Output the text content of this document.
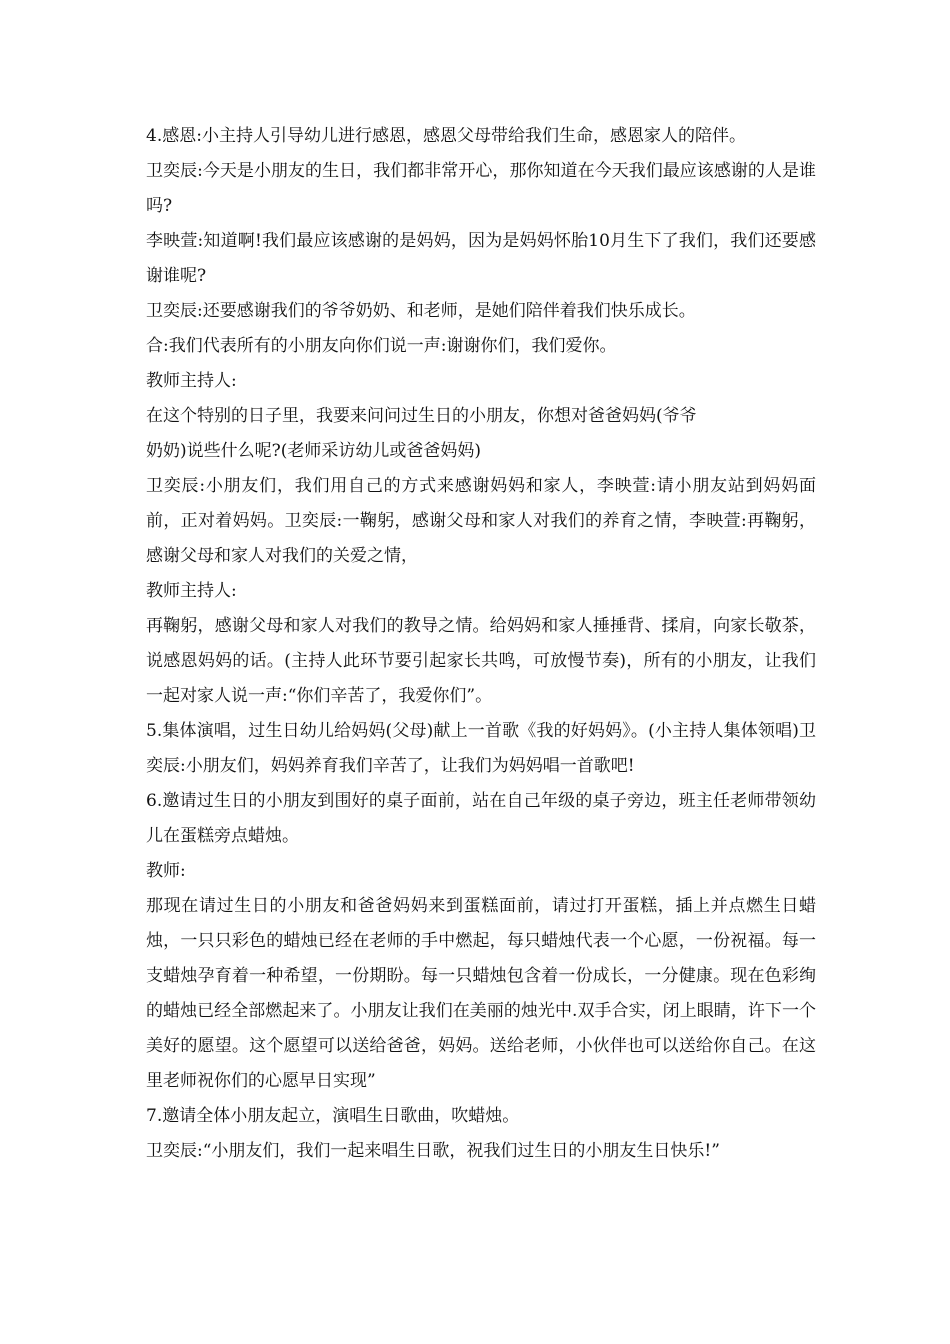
4.感恩:小主持人引导幼儿进行感恩，感恩父母带给我们生命，感恩家人的陪伴。

卫奕辰:今天是小朋友的生日，我们都非常开心，那你知道在今天我们最应该感谢的人是谁吗?

李映萱:知道啊!我们最应该感谢的是妈妈，因为是妈妈怀胎10月生下了我们，我们还要感谢谁呢?

卫奕辰:还要感谢我们的爷爷奶奶、和老师，是她们陪伴着我们快乐成长。

合:我们代表所有的小朋友向你们说一声:谢谢你们，我们爱你。

教师主持人:

在这个特别的日子里，我要来问问过生日的小朋友，你想对爸爸妈妈(爷爷

奶奶)说些什么呢?(老师采访幼儿或爸爸妈妈)

卫奕辰:小朋友们，我们用自己的方式来感谢妈妈和家人，李映萱:请小朋友站到妈妈面前，正对着妈妈。卫奕辰:一鞠躬，感谢父母和家人对我们的养育之情，李映萱:再鞠躬，感谢父母和家人对我们的关爱之情，

教师主持人:

再鞠躬，感谢父母和家人对我们的教导之情。给妈妈和家人捶捶背、揉肩，向家长敬茶，说感恩妈妈的话。(主持人此环节要引起家长共鸣，可放慢节奏)，所有的小朋友，让我们一起对家人说一声:“你们辛苦了，我爱你们”。

5.集体演唱，过生日幼儿给妈妈(父母)献上一首歌《我的好妈妈》。(小主持人集体领唱)卫奕辰:小朋友们，妈妈养育我们辛苦了，让我们为妈妈唱一首歌吧!

6.邀请过生日的小朋友到围好的桌子面前，站在自己年级的桌子旁边，班主任老师带领幼儿在蛋糕旁点蜡烛。

教师:

那现在请过生日的小朋友和爸爸妈妈来到蛋糕面前，请过打开蛋糕，插上并点燃生日蜡烛，一只只彩色的蜡烛已经在老师的手中燃起，每只蜡烛代表一个心愿，一份祝福。每一支蜡烛孕育着一种希望，一份期盼。每一只蜡烛包含着一份成长，一分健康。现在色彩绚的蜡烛已经全部燃起来了。小朋友让我们在美丽的烛光中.双手合实，闭上眼睛，许下一个美好的愿望。这个愿望可以送给爸爸，妈妈。送给老师，小伙伴也可以送给你自己。在这里老师祝你们的心愿早日实现”

7.邀请全体小朋友起立，演唱生日歌曲，吹蜡烛。

卫奕辰:“小朋友们，我们一起来唱生日歌，祝我们过生日的小朋友生日快乐!”
